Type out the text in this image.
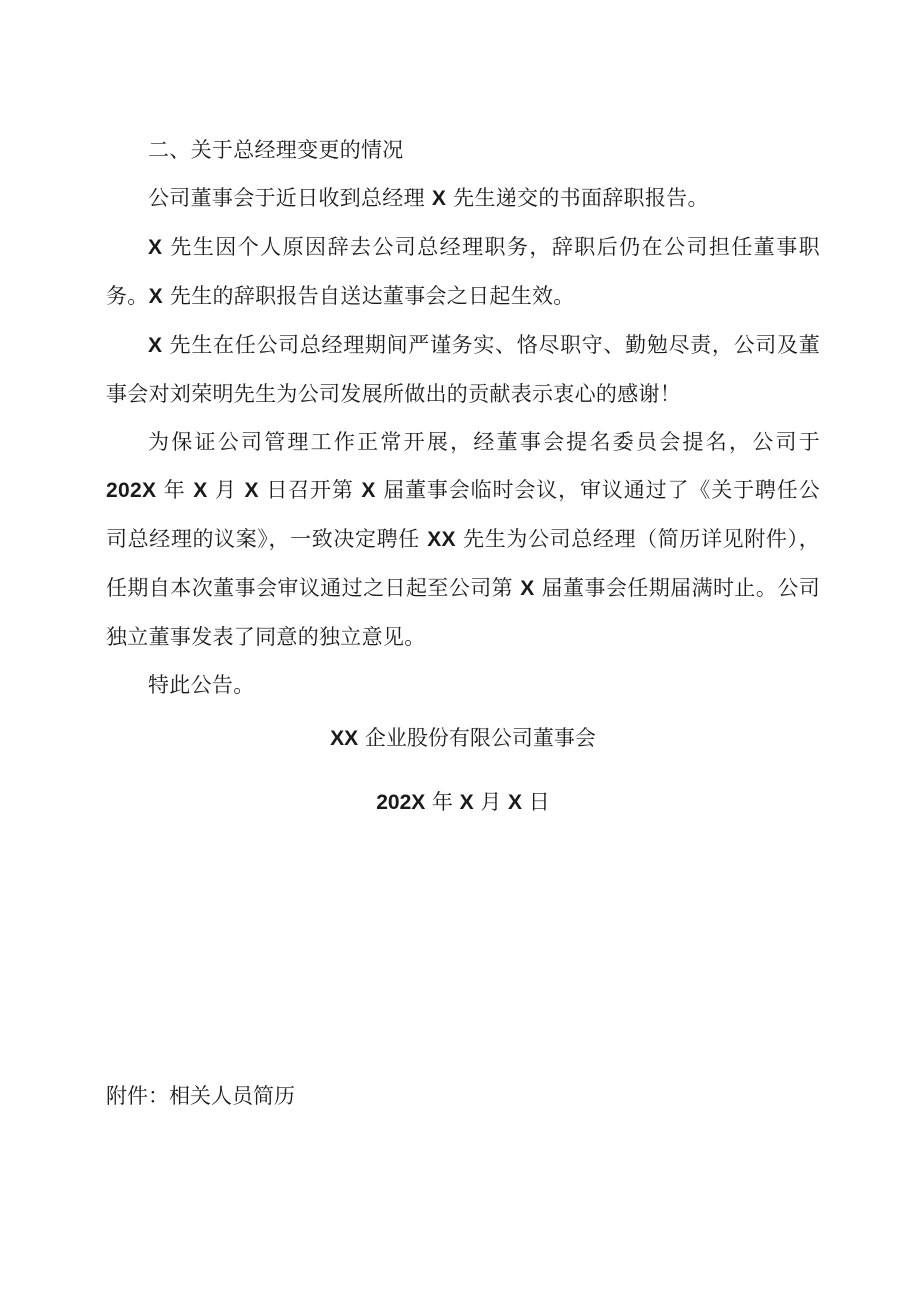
二、关于总经理变更的情况

公司董事会于近日收到总经理 X 先生递交的书面辞职报告。

X 先生因个人原因辞去公司总经理职务，辞职后仍在公司担任董事职务。X 先生的辞职报告自送达董事会之日起生效。

X 先生在任公司总经理期间严谨务实、恪尽职守、勤勉尽责，公司及董事会对刘荣明先生为公司发展所做出的贡献表示衷心的感谢！

为保证公司管理工作正常开展，经董事会提名委员会提名，公司于 202X 年 X 月 X 日召开第 X 届董事会临时会议，审议通过了《关于聘任公司总经理的议案》，一致决定聘任 XX 先生为公司总经理（简历详见附件），任期自本次董事会审议通过之日起至公司第 X 届董事会任期届满时止。公司独立董事发表了同意的独立意见。

特此公告。

XX 企业股份有限公司董事会
202X 年 X 月 X 日
附件：相关人员简历
